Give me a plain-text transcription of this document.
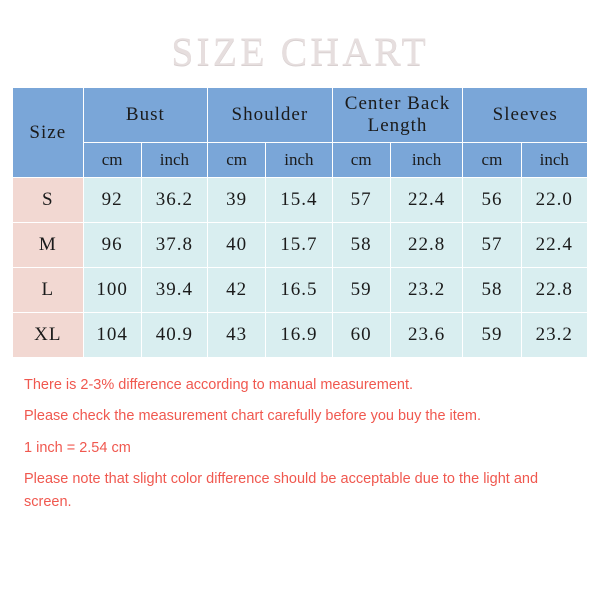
SIZE CHART
Size	Bust		Shoulder		Center Back Length		Sleeves	
	cm	inch	cm	inch	cm	inch	cm	inch
S	92	36.2	39	15.4	57	22.4	56	22.0
M	96	37.8	40	15.7	58	22.8	57	22.4
L	100	39.4	42	16.5	59	23.2	58	22.8
XL	104	40.9	43	16.9	60	23.6	59	23.2

There is 2-3% difference according to manual measurement.

Please check the measurement chart carefully before you buy the item.

1 inch = 2.54 cm

Please note that slight color difference should be acceptable due to the light and screen.
